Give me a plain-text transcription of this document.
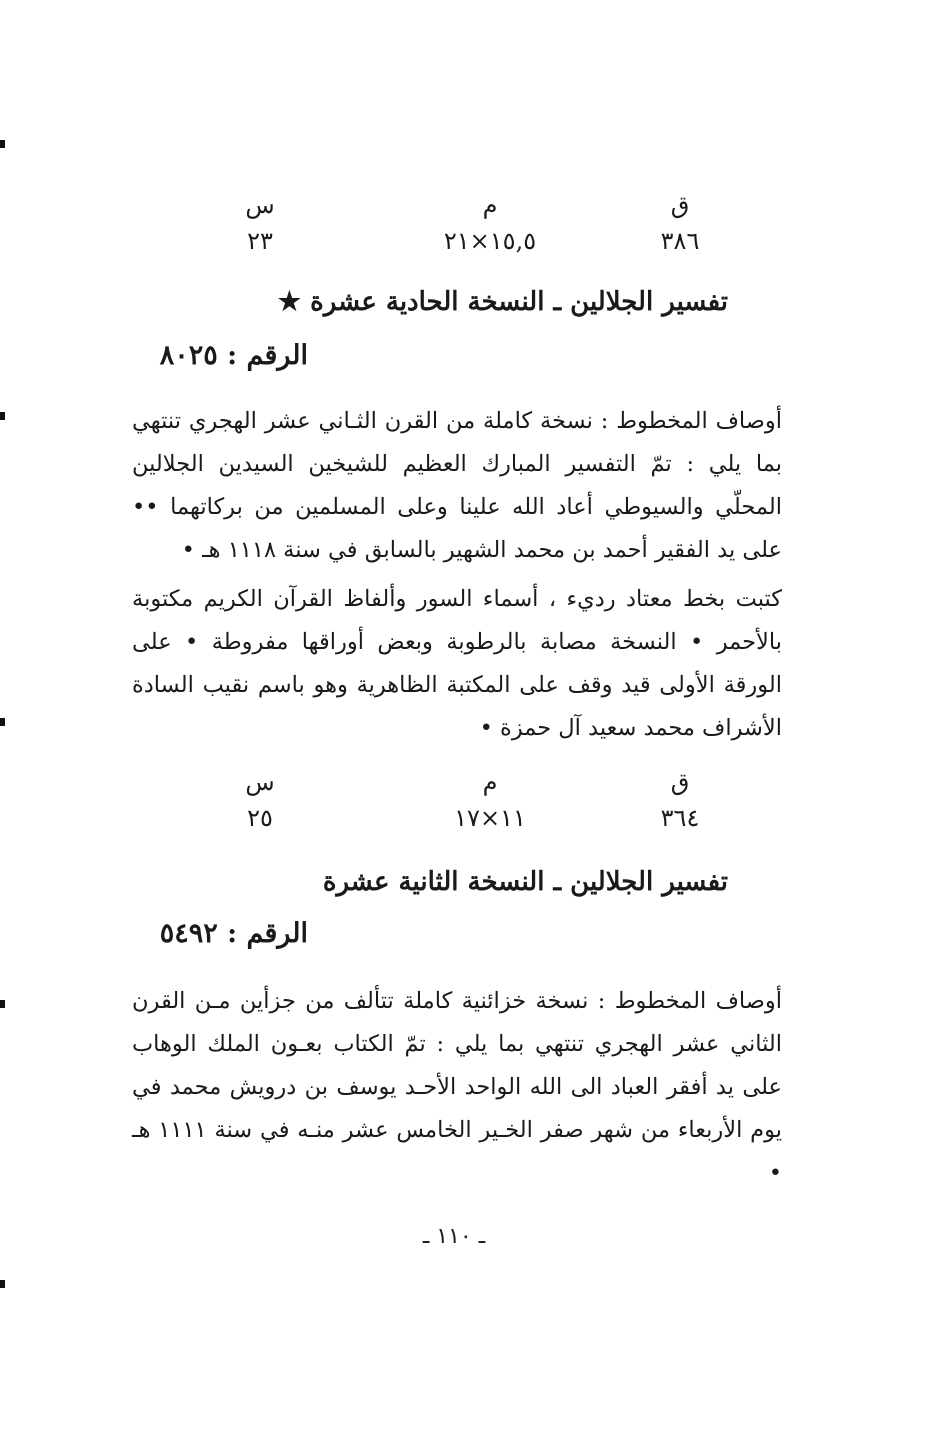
ق
٣٨٦
م
١٥,٥×٢١
س
٢٣
تفسير الجلالين ـ النسخة الحادية عشرة ★
الرقم : ٨٠٢٥

أوصاف المخطوط : نسخة كاملة من القرن الثـاني عشر الهجري تنتهي بما يلي : تمّ التفسير المبارك العظيم للشيخين السيدين الجلالين المحلّي والسيوطي أعاد الله علينا وعلى المسلمين من بركاتهما •• على يد الفقير أحمد بن محمد الشهير بالسابق في سنة ١١١٨ هـ •

كتبت بخط معتاد رديء ، أسماء السور وألفاظ القرآن الكريم مكتوبة بالأحمر • النسخة مصابة بالرطوبة وبعض أوراقها مفروطة • على الورقة الأولى قيد وقف على المكتبة الظاهرية وهو باسم نقيب السادة الأشراف محمد سعيد آل حمزة •

ق
٣٦٤
م
١١×١٧
س
٢٥
تفسير الجلالين ـ النسخة الثانية عشرة
الرقم : ٥٤٩٢

أوصاف المخطوط : نسخة خزائنية كاملة تتألف من جزأين مـن القرن الثاني عشر الهجري تنتهي بما يلي : تمّ الكتاب بعـون الملك الوهاب على يد أفقر العباد الى الله الواحد الأحـد يوسف بن درويش محمد في يوم الأربعاء من شهر صفر الخـير الخامس عشر منـه في سنة ١١١١ هـ •

ـ ١١٠ ـ
